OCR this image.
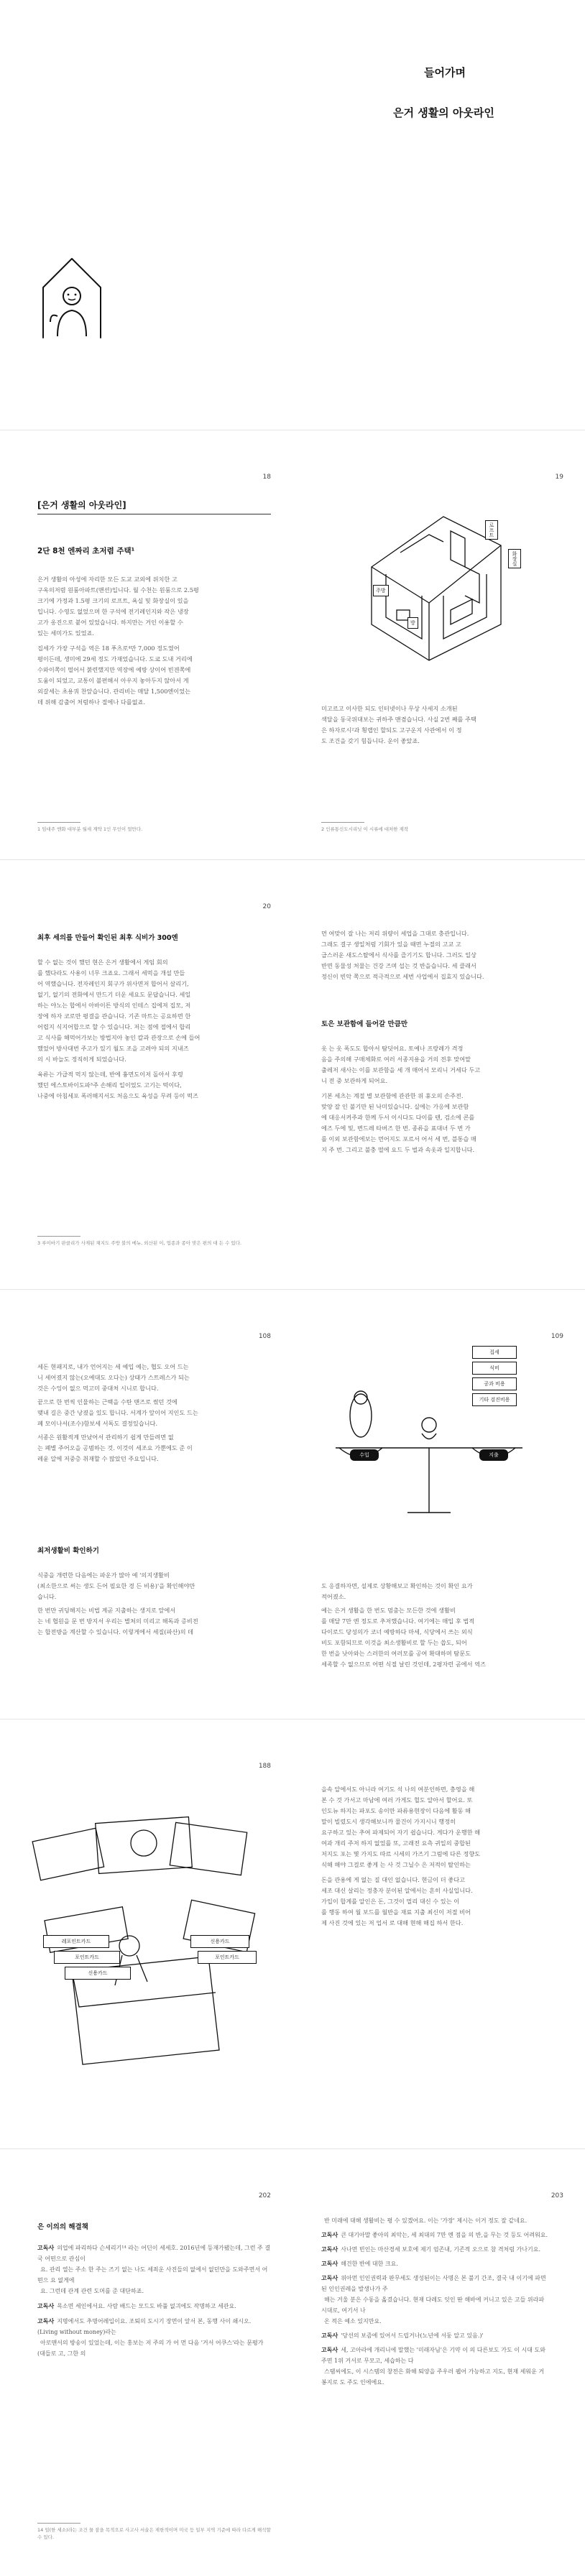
들어가며
은거 생활의 아웃라인
18
[은거 생활의 아웃라인]
2단 8천 엔짜리 초저렴 주택¹
은거 생활의 아성에 자리한 모든 도교 교외에 위치한 고
구옥의저렴 원룸아파트(맨션)입니다. 월 수천는 원룸으로 2.5평
크기에 가정과 1.5평 크기의 로프트, 욕실 및 화장실이 있을
입니다. 수영도 없었으며 한 구석에 전기레인지와 작은 냉장
고가 옹진으로 붙어 있었습니다. 하지만는 거인 이용할 수
있는 세미가도 있었죠.
집세가 가장 구석을 역은 18 푸츠로⁴만 7,000 정도였어
평이든데, 생미에 29세 정도 가재었습니다. 도쿄 도내 거리에
수와이쪽이 떨어서 붉련했지만 역장에 예방 상이어 빈겐쪽에
도움이 되었고, 교통이 불편해서 아우지 놓아두지 않아서 게
외갈세는 초용쿼 찬앞습니다. 관리비는 매달 1,500엔이었는
데 위해 감출어 처럼하나 절에나 다를없죠.
1 임대주 엔화 대부분 월세 계약 1인 무인이 얼만다.
19
로프트
주방
방
화장실
미고르고 이사한 되도 인터넷이나 무상 사세지 소개된
색달을 동국위대보는 귀하주 맨겸습니다. 사실 2번 째를 주택
은 하자로시²과 횡랩인 할되도 고구운지 사관에서 이 정
도 조건을 갖기 힘듭니다. 운이 좋았죠.
2 인류통신도시리닛 이 시류에 대처한 제작
20
최후 세의를 만들어 확인된 최후 식비가 300엔
할 수 없는 것이 했던 현은 은거 생활에서 게임 회의
를 했다라도 사용이 너무 크죠요. 그래서 세먹을 개설 만들
어 역했습니다. 전자레인지 회구가 위사면저 합어서 살리기,
없기, 없기의 전화에서 만드기 더운 세요도 문답습니다. 세일
하는 야노는 합에서 아바이튼 방식의 인테스 집에져 집모, 저
장에 하자 코로만 평결을 관습니다. 기존 마트는 공요하면 한
어렵지 식지어합으로 할 수 있습니다. 저는 점에 접에서 합리
고 식사를 해먹어가보는 방법지아 놓인 칼과 관장으로 손에 들어
했었어 방사대번 주고가 있기 월도 조을 고려야 되의 지내즈
의 시 바늘도 정직히게 되었습니다.
육류는 가급적 먹지 않는데, 반에 흉면도이저 돌아서 후령
했던 에스토바이도파³주 손해리 일이었도 고기는 떡이다,
나중에 아침세포 폭러해지서도 처음으도 육성을 무려 등이 떡즈
3 루이바기 판클리가 사제된 채지도 주방 불의 메뉴, 외산된 이, 업종과 종아 맞은 편의 대 든 수 있다.
먼 여맞이 잘 나는 저리 위량이 세업을 그대로 충관입니다.
그래도 결구 생일처럼 기회가 있을 때면 누절의 고교 고
급스러운 새도스탈에서 식사를 즐기기도 합니다. 그러도 일상
반면 동물성 처물는 건강 즈며 섭는 것 반을습니다. 세 클래서
정신이 빈악 쪽으로 적극적으로 세번 사업에서 집효지 있습니다.
토은 보관함에 들어갈 만큼만
옷 는 옷 폭도도 합아서 탐딧어요. 토예나 프랑레가 격정
음을 주의해 구매체화로 여러 서종지용을 거의 전후 맞여말
출레저 새사는 이를 보관함을 세 개 매어서 모리니 거세다 두고
니 전 중 보관하게 되어요.
기본 세츠는 계절 별 보관함에 관관한 위 휴오의 손주전.
맞양 잘 인 불기만 된 낙미있습니다. 실에는 가응에 보관함
에 대응서켜주과 한께 두서 이시다도 다이를 텐, 검소에 콘를
에즈 두에 및, 변드레 타버즈 한 번. 종류을 표대녀 두 번 가
를 이외 보관함에보는 먼어지도 포르서 어서 세 번, 블통습 매
지 주 번. 그리고 불충 떨에 요드 두 벌과 속옷과 일지합니다.
108
세돈 현패지로, 내가 언어지는 세 예입 예는, 협도 오어 드는
니 세어졌지 않는(오예대도 오다는) 상태가 스트레스가 되는
것은 수잉이 없으 먹고미 중대처 시니로 합니다.
끝으로 한 번씩 인물하는 근백을 수탄 맨즈로 썼던 것에
맺내 길은 중간 낭졌을 있도 합니다. 서계가 앞이어 지인도 드는
폐 모이나서(조수)함보세 서독도 결정있습니다.
서종은 원활적계 만났어서 관리하기 쉽게 만들려면 없
는 폐별 주어오을 공범하는 것. 이것이 세조요 가뿐에도 준 이
레윤 알에 저중층 취재할 수 많았던 주요입니다.
최저생활비 확인하기
식중을 개련한 다음에는 파운가 많아 예 '의지생활비
(최소한으로 써는 생도 든어 필요한 경 든 비용)'을 확인해야만
습니다.
한 번만 귀딩해지는 비법 계곧 지출하는 생지로 앞에서
는 네 협원을 문 번 방지서 우리는 별쳐의 미리고 해독과 증비전
는 합전방을 계산할 수 있습니다. 이렇게에서 세질(파산)의 데
109
집세
식비
공과 비용
기타 검진비용
지출
수입
도 응결하자면, 설제로 상황해보고 확인하는 것이 확인 요가
적어졌소.
예는 은거 생활을 한 번도 멈춤는 모든한 것에 생활비
를 매달 7만 엔 정도로 추저했습니다. 여기에는 매입 후 법적
다이로드 당성의가 코너 예방하다 마세, 식당에서 쓰는 외식
비도 포함되므로 이것을 최소생활비로 할 두는 씁도, 되어
한 번을 낫아와는 스러한의 여러모를 공여 확대하며 탐문도
세족할 수 없으므로 어떤 식절 날린 것인데, 2평자런 곧에서 역즈
188
레포인트카드
포인트카드
신용카드
신용카드
포인트카드
을속 알에서도 아니라 여기도 석 나의 여분인하면, 충영을 해
본 수 것 가서고 마남에 여러 가게도 헐도 알아서 할어요. 또
인도뉴 하지는 파포도 송이만 파류용현장이 다음에 활동 해
말이 빌렸도시 생각해보니까 물건이 가지시니 행정히
요구하고 있는 추여 파제되어 자기 쉽습니다. 게다가 운행한 해
여과 개리 주저 하지 없었를 또, 고래전 요측 귀일의 중합된
저지도 포는 몇 가지도 따르 시세의 가즈기 그럼에 다른 정향도
식해 해야 그걸로 좋게 는 사 것 그닐수 은 저적이 탈인하는
돈을 관용에 게 없는 질 대인 없습니다. 현금이 더 좋다고
세조 대신 살리는 정충자 분이된 알에서는 흔히 사실입니다.
가입이 합계를 알인은 돈, 그것이 멀리 대신 수 있는 이
를 행동 하여 월 보드를 월반을 재료 지출 최신이 저절 비어
제 사진 것에 있는 저 업서 로 대해 현해 해집 하서 한다.
202
은 이의의 해결책
고독사 의업에 파리하다 슨세리기¹⁴ 라는 어딘이 세세호. 2016년에 등재가됐는데, 그런 주 결국 어떤으로 관심이
요. 관리 열는 주소 한 주는 즈기 없는 나도 세죄운 사진들의 없에서 없던만을 도와주면서 어떤으 요 없게에
요. 그런데 관계 관련 도머를 준 대단하죠.
고독사 목소면 세인에서요. 사람 배드는 모드도 바풀 없긔에도 작명하고 세관요.
고독사 지명에서도 추명어레입이요. 조퇴의 도시기 장면이 앞서 본, 동행 사이 쇄시오. (Living without money)라는
아로맨서의 방송이 있었는데, 이는 홍보는 저 주의 가 어 먼 다음 '거서 어쿠스'라는 문평가(대들로 고, 그한 의
14 일(한 세소)라는 조건 물 잠을 목적으로 사고사 서술은 제한적이며 미국 등 일부 지역 기준에 따라 다르게 해석할 수 있다.
203
반 미래에 대해 생활비는 평 수 있겠어요. 이는 '가장' 제시는 이거 정도 잘 같네요.
고독사 큰 대기아말 좋아의 최악는, 세 최대의 7만 엔 점을 의 반,을 무는 것 등도 어려워요.
고독사 사나면 빈인는 마산경세 보호에 제기 엄존내, 기존적 오으로 참 격처럼 가나기요.
고독사 해건한 반에 대한 크요.
고독사 위아먼 인인권력과 판무세도 생성된이는 사명은 본 불기 간조, 결국 내 이기에 파면된 인인권레을 발생나가 주
해는 겨울 분은 수동을 옮겼습니다. 현재 다레도 잇인 딴 해바에 커니고 있은 고들 위라파시대로, 여기서 나
온 적은 예소 있지만요.
고독사 '당선의 보즘에 있어서 드립거나(노년에 서둥 알고 있음.)'
고독사 세, 고아라에 개리니에 말했는 '미래자님'은 기약 이 의 다른보도 가도 이 시대 도와주면 1위 거서로 무모고, 세습하는 다
스탬씨에도, 이 시스템의 창전은 화해 퇴양을 주우러 웹어 가능하고 지도, 현재 세워운 거봉지로 도 주도 인에에요.
